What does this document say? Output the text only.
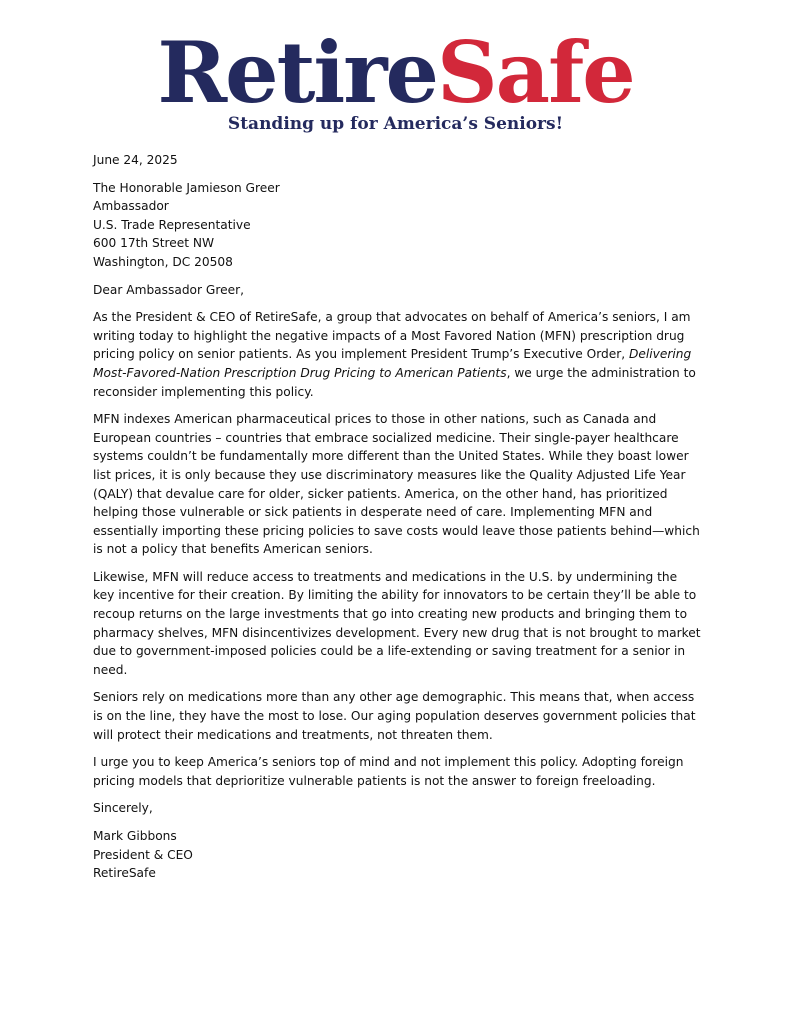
RetireSafe
Standing up for America’s Seniors!

June 24, 2025

The Honorable Jamieson Greer
Ambassador
U.S. Trade Representative
600 17th Street NW
Washington, DC 20508

Dear Ambassador Greer,

As the President & CEO of RetireSafe, a group that advocates on behalf of America’s seniors, I am writing today to highlight the negative impacts of a Most Favored Nation (MFN) prescription drug pricing policy on senior patients. As you implement President Trump’s Executive Order, Delivering Most-Favored-Nation Prescription Drug Pricing to American Patients, we urge the administration to reconsider implementing this policy.

MFN indexes American pharmaceutical prices to those in other nations, such as Canada and European countries – countries that embrace socialized medicine. Their single-payer healthcare systems couldn’t be fundamentally more different than the United States. While they boast lower list prices, it is only because they use discriminatory measures like the Quality Adjusted Life Year (QALY) that devalue care for older, sicker patients. America, on the other hand, has prioritized helping those vulnerable or sick patients in desperate need of care. Implementing MFN and essentially importing these pricing policies to save costs would leave those patients behind—which is not a policy that benefits American seniors.

Likewise, MFN will reduce access to treatments and medications in the U.S. by undermining the key incentive for their creation. By limiting the ability for innovators to be certain they’ll be able to recoup returns on the large investments that go into creating new products and bringing them to pharmacy shelves, MFN disincentivizes development. Every new drug that is not brought to market due to government-imposed policies could be a life-extending or saving treatment for a senior in need.

Seniors rely on medications more than any other age demographic. This means that, when access is on the line, they have the most to lose. Our aging population deserves government policies that will protect their medications and treatments, not threaten them.

I urge you to keep America’s seniors top of mind and not implement this policy. Adopting foreign pricing models that deprioritize vulnerable patients is not the answer to foreign freeloading.

Sincerely,

Mark Gibbons
President & CEO
RetireSafe
